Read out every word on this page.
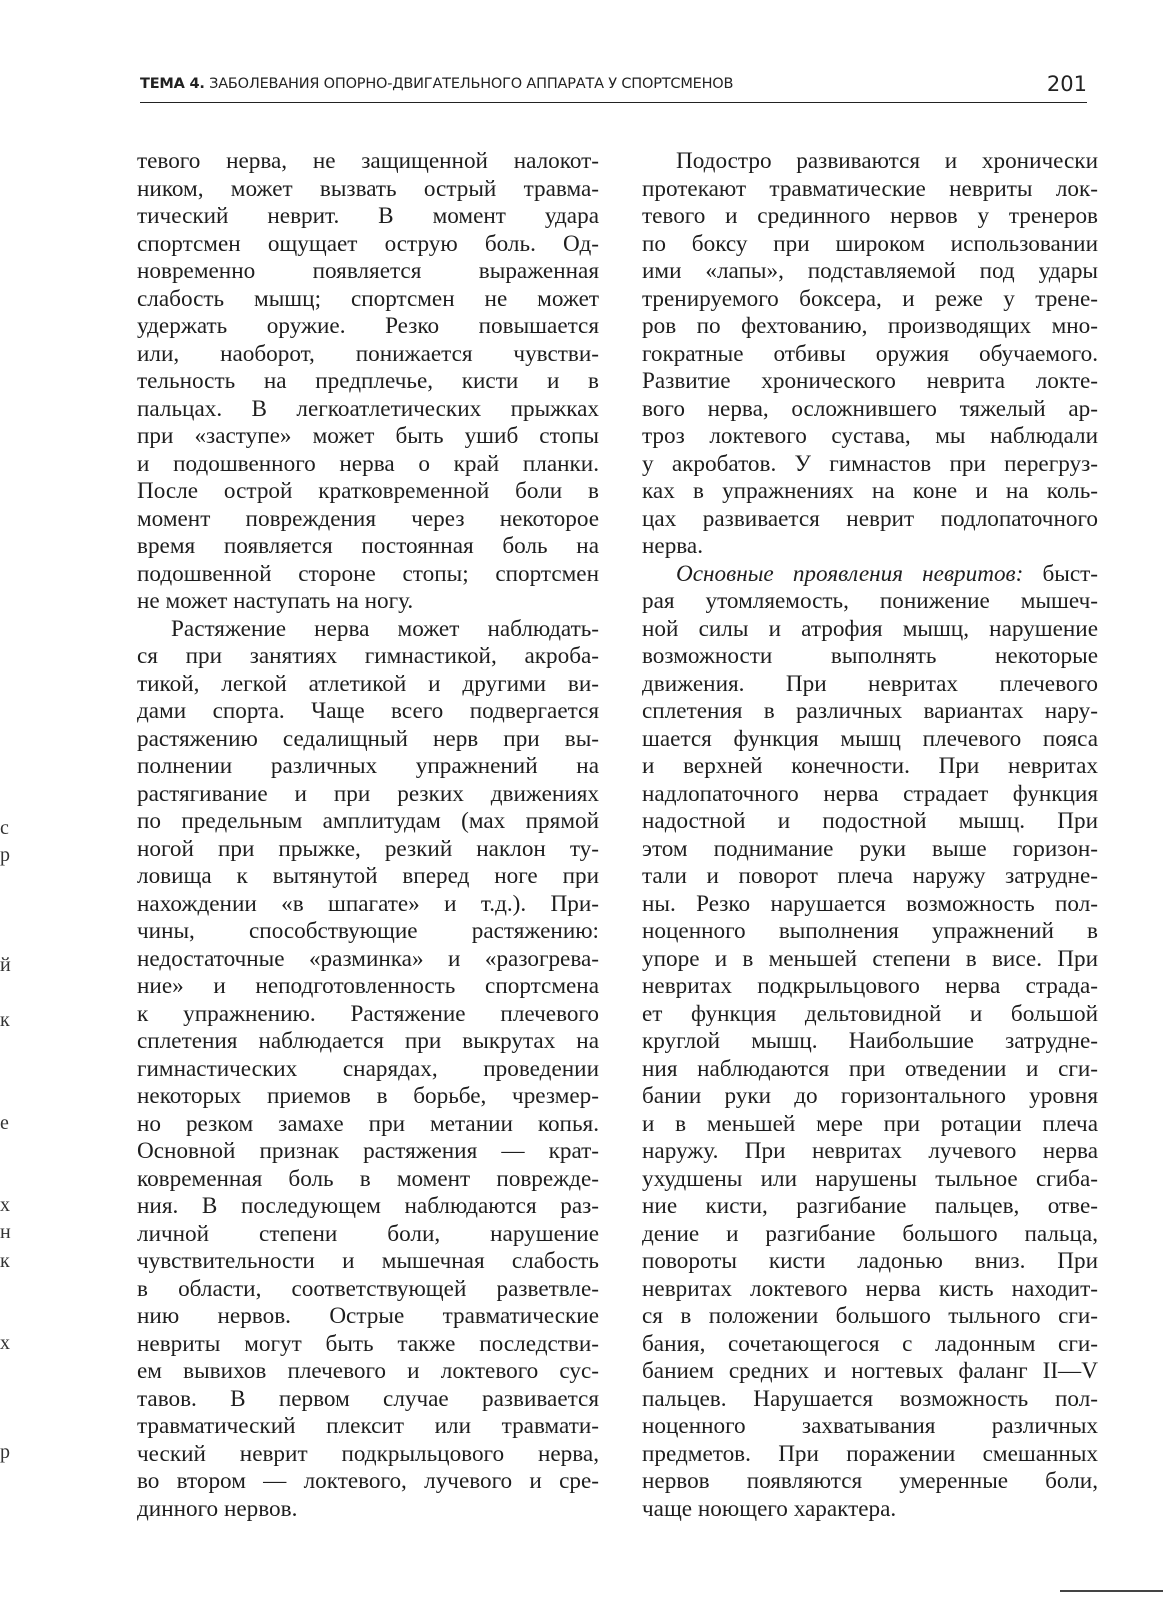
ТЕМА 4. ЗАБОЛЕВАНИЯ ОПОРНО-ДВИГАТЕЛЬНОГО АППАРАТА У СПОРТСМЕНОВ	201
тевого нерва, не защищенной налокот-
ником, может вызвать острый травма-
тический неврит. В момент удара
спортсмен ощущает острую боль. Од-
новременно появляется выраженная
слабость мышц; спортсмен не может
удержать оружие. Резко повышается
или, наоборот, понижается чувстви-
тельность на предплечье, кисти и в
пальцах. В легкоатлетических прыжках
при «заступе» может быть ушиб стопы
и подошвенного нерва о край планки.
После острой кратковременной боли в
момент повреждения через некоторое
время появляется постоянная боль на
подошвенной стороне стопы; спортсмен
не может наступать на ногу.
Растяжение нерва может наблюдать-
ся при занятиях гимнастикой, акроба-
тикой, легкой атлетикой и другими ви-
дами спорта. Чаще всего подвергается
растяжению седалищный нерв при вы-
полнении различных упражнений на
растягивание и при резких движениях
по предельным амплитудам (мах прямой
ногой при прыжке, резкий наклон ту-
ловища к вытянутой вперед ноге при
нахождении «в шпагате» и т.д.). При-
чины, способствующие растяжению:
недостаточные «разминка» и «разогрева-
ние» и неподготовленность спортсмена
к упражнению. Растяжение плечевого
сплетения наблюдается при выкрутах на
гимнастических снарядах, проведении
некоторых приемов в борьбе, чрезмер-
но резком замахе при метании копья.
Основной признак растяжения — крат-
ковременная боль в момент поврежде-
ния. В последующем наблюдаются раз-
личной степени боли, нарушение
чувствительности и мышечная слабость
в области, соответствующей разветвле-
нию нервов. Острые травматические
невриты могут быть также последстви-
ем вывихов плечевого и локтевого сус-
тавов. В первом случае развивается
травматический плексит или травмати-
ческий неврит подкрыльцового нерва,
во втором — локтевого, лучевого и сре-
динного нервов.
Подостро развиваются и хронически
протекают травматические невриты лок-
тевого и срединного нервов у тренеров
по боксу при широком использовании
ими «лапы», подставляемой под удары
тренируемого боксера, и реже у трене-
ров по фехтованию, производящих мно-
гократные отбивы оружия обучаемого.
Развитие хронического неврита локте-
вого нерва, осложнившего тяжелый ар-
троз локтевого сустава, мы наблюдали
у акробатов. У гимнастов при перегруз-
ках в упражнениях на коне и на коль-
цах развивается неврит подлопаточного
нерва.
Основные проявления невритов: быст-
рая утомляемость, понижение мышеч-
ной силы и атрофия мышц, нарушение
возможности выполнять некоторые
движения. При невритах плечевого
сплетения в различных вариантах нару-
шается функция мышц плечевого пояса
и верхней конечности. При невритах
надлопаточного нерва страдает функция
надостной и подостной мышц. При
этом поднимание руки выше горизон-
тали и поворот плеча наружу затрудне-
ны. Резко нарушается возможность пол-
ноценного выполнения упражнений в
упоре и в меньшей степени в висе. При
невритах подкрыльцового нерва страда-
ет функция дельтовидной и большой
круглой мышц. Наибольшие затрудне-
ния наблюдаются при отведении и сги-
бании руки до горизонтального уровня
и в меньшей мере при ротации плеча
наружу. При невритах лучевого нерва
ухудшены или нарушены тыльное сгиба-
ние кисти, разгибание пальцев, отве-
дение и разгибание большого пальца,
повороты кисти ладонью вниз. При
невритах локтевого нерва кисть находит-
ся в положении большого тыльного сги-
бания, сочетающегося с ладонным сги-
банием средних и ногтевых фаланг II—V
пальцев. Нарушается возможность пол-
ноценного захватывания различных
предметов. При поражении смешанных
нервов появляются умеренные боли,
чаще ноющего характера.
с
р
й
к
е
х
н
к
х
р
